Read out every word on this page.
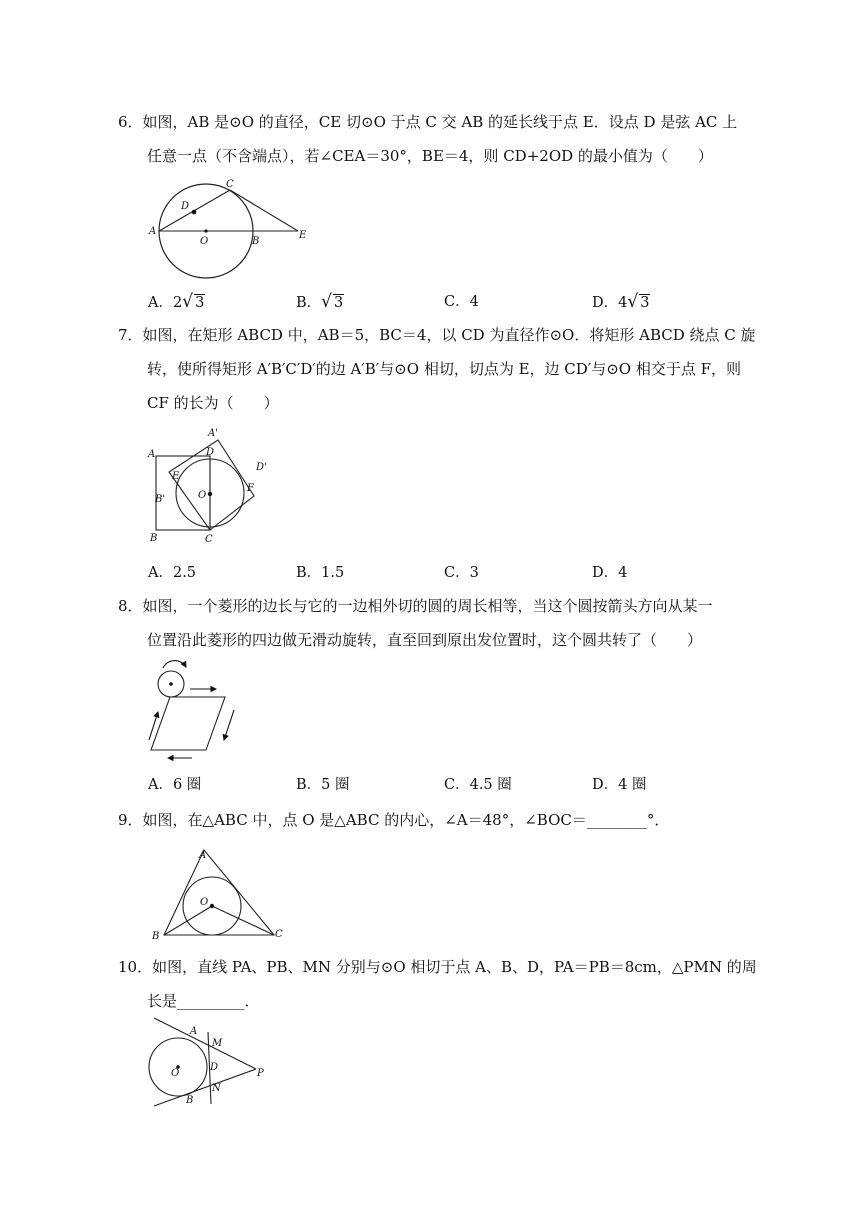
6．如图，AB 是⊙O 的直径，CE 切⊙O 于点 C 交 AB 的延长线于点 E．设点 D 是弦 AC 上
任意一点（不含端点），若∠CEA＝30°，BE＝4，则 CD+2OD 的最小值为（　　）
A
O	B
E
C
D
A．2√ 3	B．√ 3	C．4	D．4√ 3
7．如图，在矩形 ABCD 中，AB＝5，BC＝4，以 CD 为直径作⊙O．将矩形 ABCD 绕点 C 旋
转，使所得矩形 A′B′C′D′的边 A′B′与⊙O 相切，切点为 E，边 CD′与⊙O 相交于点 F，则
CF 的长为（　　）
A
A'
D
D'
E
B'	O
F
B	C
A．2.5	B．1.5	C．3	D．4
8．如图，一个菱形的边长与它的一边相外切的圆的周长相等，当这个圆按箭头方向从某一
位置沿此菱形的四边做无滑动旋转，直至回到原出发位置时，这个圆共转了（　　）
A．6 圈	B．5 圈	C．4.5 圈	D．4 圈
9．如图，在△ABC 中，点 O 是△ABC 的内心，∠A＝48°，∠BOC＝________°．
A
O
B	C
10．如图，直线 PA、PB、MN 分别与⊙O 相切于点 A、B、D，PA＝PB＝8cm，△PMN 的周
长是_________．
A
M
D
O	P
N
B
